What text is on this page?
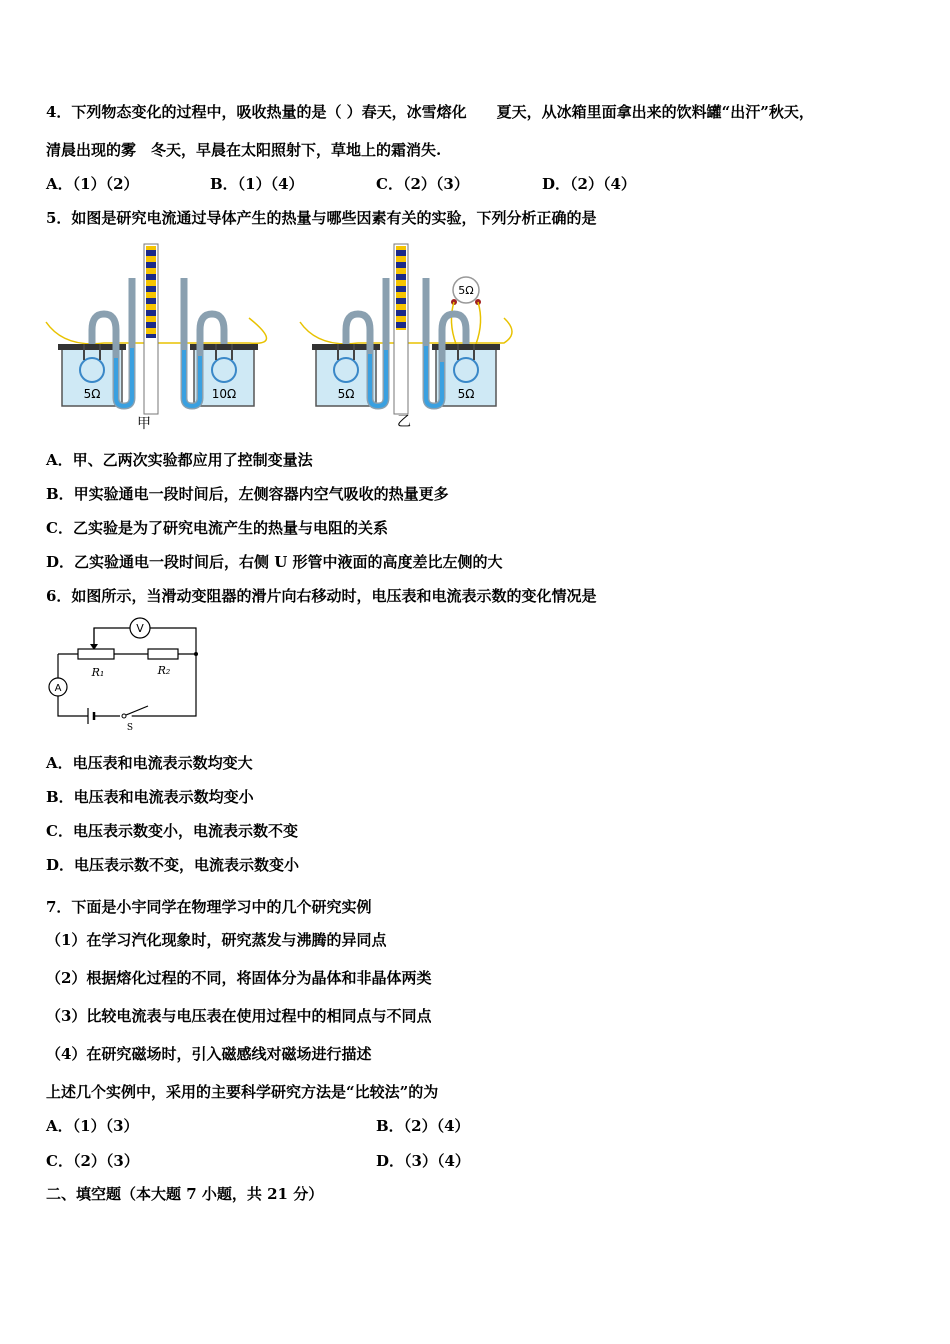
4．下列物态变化的过程中，吸收热量的是（ ）春天，冰雪熔化　　夏天，从冰箱里面拿出来的饮料罐“出汗”秋天，
清晨出现的雾　冬天，早晨在太阳照射下，草地上的霜消失.
A．（1）（2）	B．（1）（4）	C．（2）（3）	D．（2）（4）
5．如图是研究电流通过导体产生的热量与哪些因素有关的实验，下列分析正确的是
5Ω	10Ω
甲
5Ω
5Ω	5Ω
乙
A．甲、乙两次实验都应用了控制变量法
B．甲实验通电一段时间后，左侧容器内空气吸收的热量更多
C．乙实验是为了研究电流产生的热量与电阻的关系
D．乙实验通电一段时间后，右侧 U 形管中液面的高度差比左侧的大
6．如图所示，当滑动变阻器的滑片向右移动时，电压表和电流表示数的变化情况是
V
R₁	R₂
A
S
A．电压表和电流表示数均变大
B．电压表和电流表示数均变小
C．电压表示数变小，电流表示数不变
D．电压表示数不变，电流表示数变小
7．下面是小宇同学在物理学习中的几个研究实例
（1）在学习汽化现象时，研究蒸发与沸腾的异同点
（2）根据熔化过程的不同，将固体分为晶体和非晶体两类
（3）比较电流表与电压表在使用过程中的相同点与不同点
（4）在研究磁场时，引入磁感线对磁场进行描述
上述几个实例中，采用的主要科学研究方法是“比较法”的为
A．（1）（3）	B．（2）（4）
C．（2）（3）	D．（3）（4）
二、填空题（本大题 7 小题，共 21 分）
